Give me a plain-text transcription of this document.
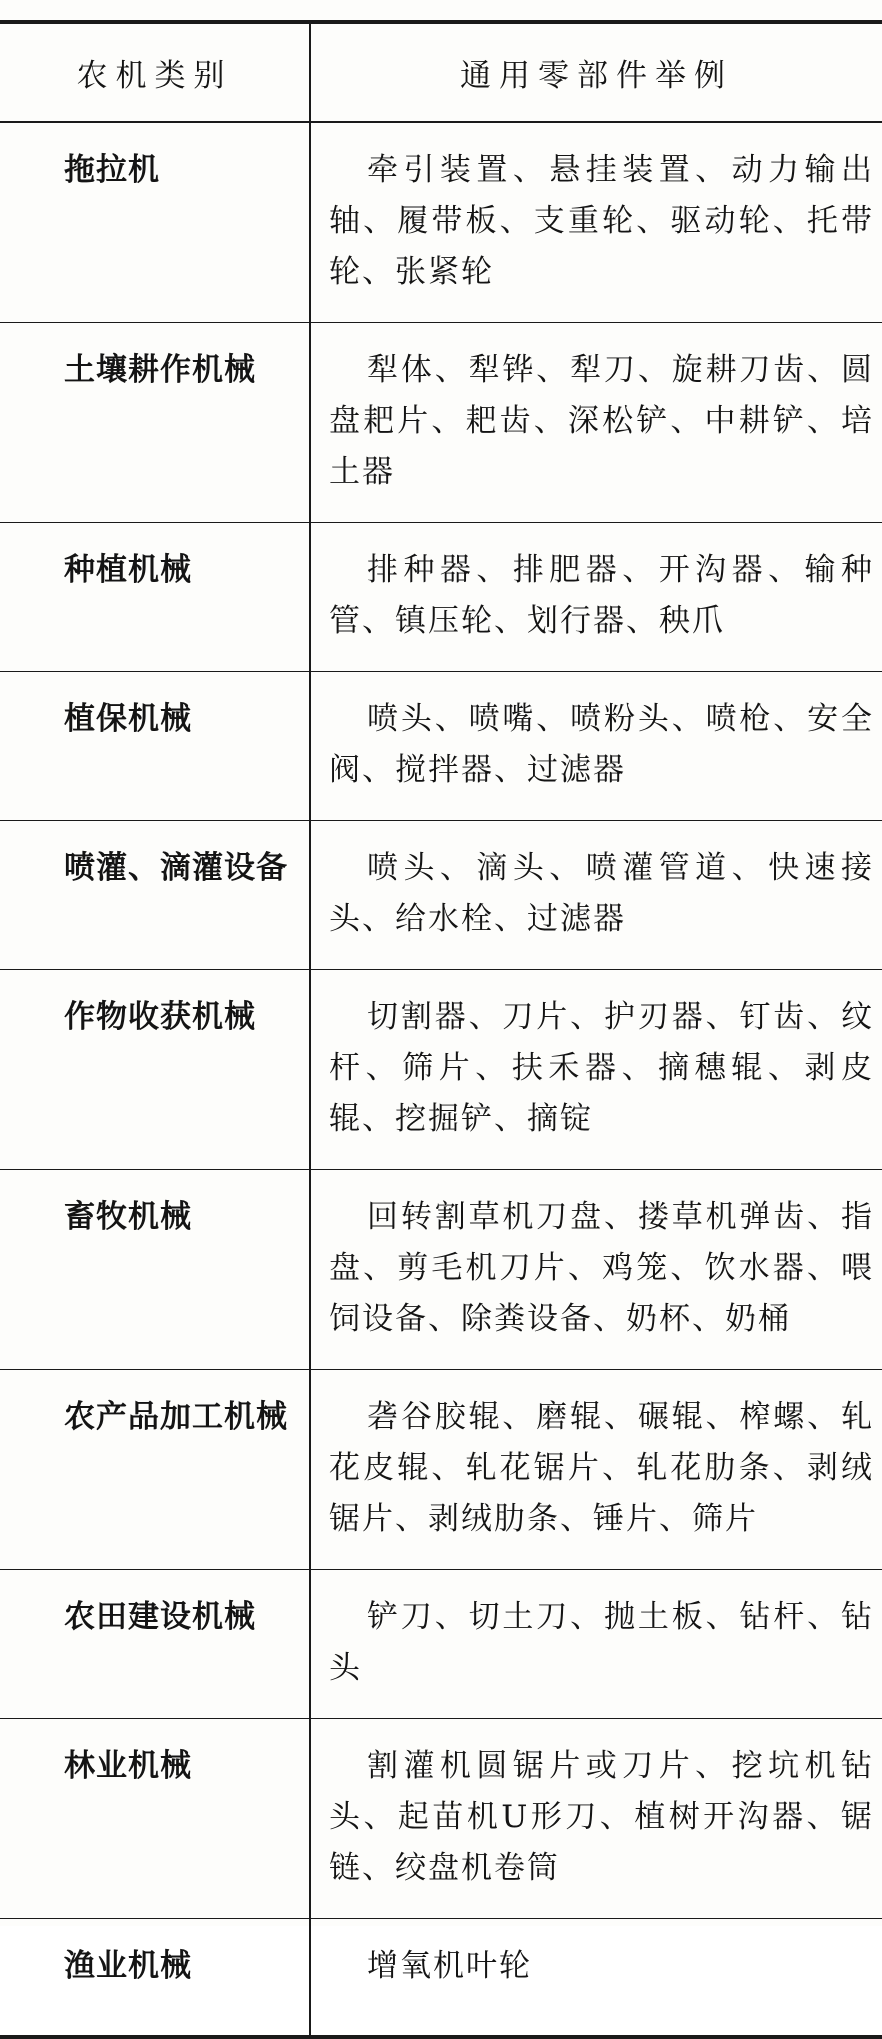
农机类别	通用零部件举例
拖拉机	牵引装置、悬挂装置、动力输出轴、履带板、支重轮、驱动轮、托带轮、张紧轮
土壤耕作机械	犁体、犁铧、犁刀、旋耕刀齿、圆盘耙片、耙齿、深松铲、中耕铲、培土器
种植机械	排种器、排肥器、开沟器、输种管、镇压轮、划行器、秧爪
植保机械	喷头、喷嘴、喷粉头、喷枪、安全阀、搅拌器、过滤器
喷灌、滴灌设备	喷头、滴头、喷灌管道、快速接头、给水栓、过滤器
作物收获机械	切割器、刀片、护刃器、钉齿、纹杆、筛片、扶禾器、摘穗辊、剥皮辊、挖掘铲、摘锭
畜牧机械	回转割草机刀盘、搂草机弹齿、指盘、剪毛机刀片、鸡笼、饮水器、喂饲设备、除粪设备、奶杯、奶桶
农产品加工机械	砻谷胶辊、磨辊、碾辊、榨螺、轧花皮辊、轧花锯片、轧花肋条、剥绒锯片、剥绒肋条、锤片、筛片
农田建设机械	铲刀、切土刀、抛土板、钻杆、钻头
林业机械	割灌机圆锯片或刀片、挖坑机钻头、起苗机U形刀、植树开沟器、锯链、绞盘机卷筒
渔业机械	增氧机叶轮
